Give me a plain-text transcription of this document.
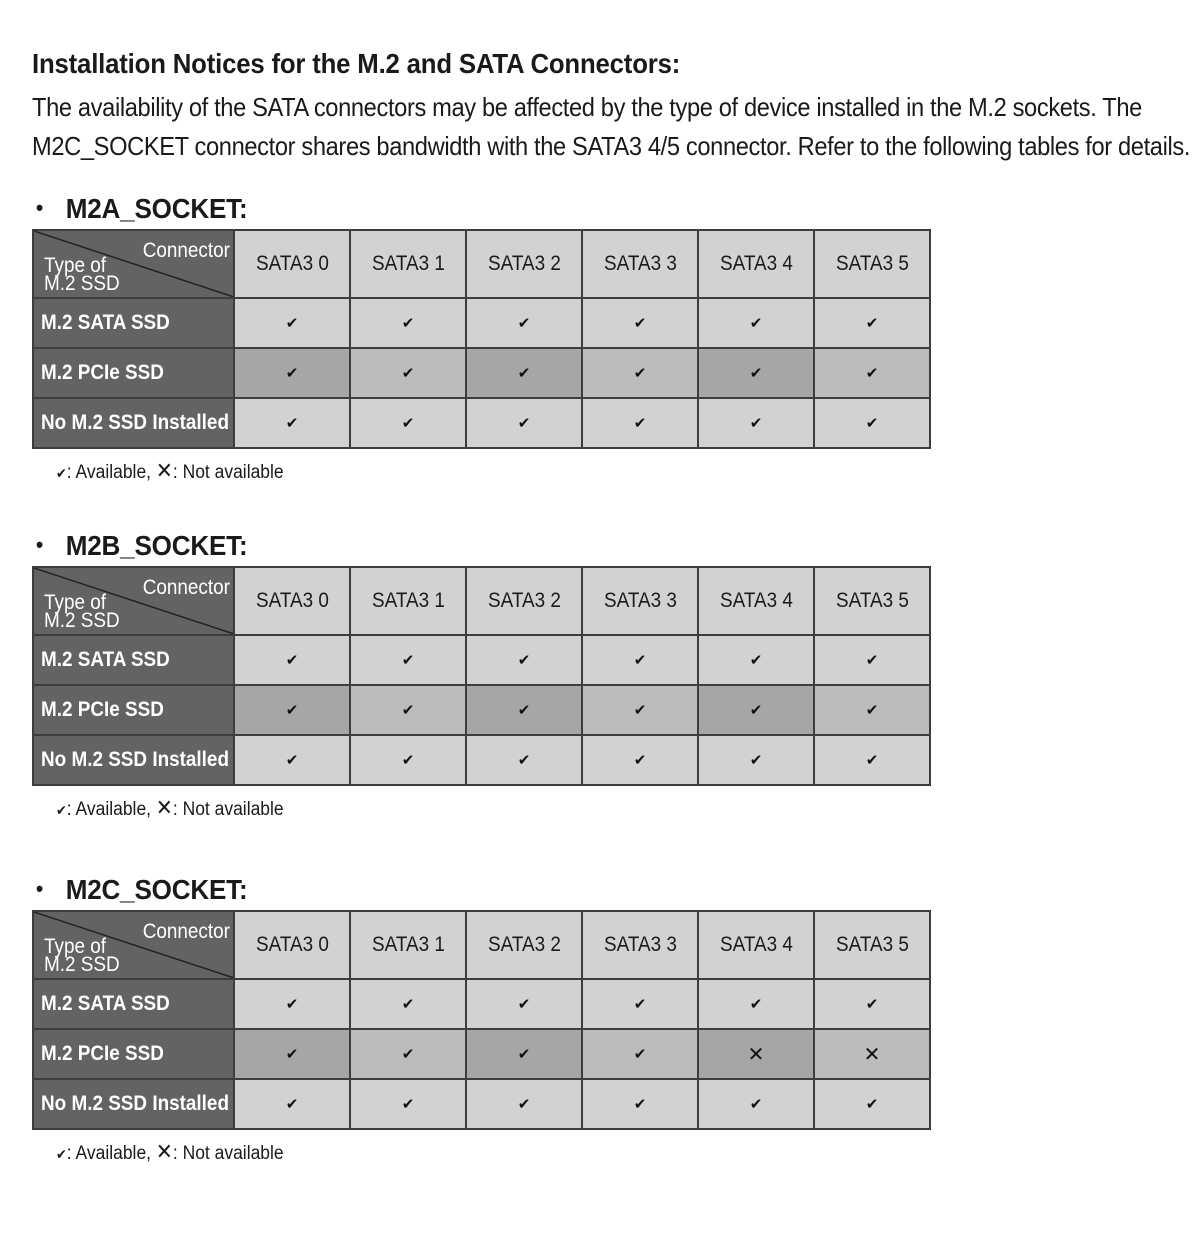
Installation Notices for the M.2 and SATA Connectors:

The availability of the SATA connectors may be affected by the type of device installed in the M.2 sockets. The
M2C_SOCKET connector shares bandwidth with the SATA3 4/5 connector. Refer to the following tables for details.

• M2A_SOCKET:
Connector
Type of
M.2 SSD	SATA3 0	SATA3 1	SATA3 2	SATA3 3	SATA3 4	SATA3 5
M.2 SATA SSD	✔	✔	✔	✔	✔	✔
M.2 PCIe SSD	✔	✔	✔	✔	✔	✔
No M.2 SSD Installed	✔	✔	✔	✔	✔	✔
✔: Available, ✕: Not available
• M2B_SOCKET:
Connector
Type of
M.2 SSD	SATA3 0	SATA3 1	SATA3 2	SATA3 3	SATA3 4	SATA3 5
M.2 SATA SSD	✔	✔	✔	✔	✔	✔
M.2 PCIe SSD	✔	✔	✔	✔	✔	✔
No M.2 SSD Installed	✔	✔	✔	✔	✔	✔
✔: Available, ✕: Not available
• M2C_SOCKET:
Connector
Type of
M.2 SSD	SATA3 0	SATA3 1	SATA3 2	SATA3 3	SATA3 4	SATA3 5
M.2 SATA SSD	✔	✔	✔	✔	✔	✔
M.2 PCIe SSD	✔	✔	✔	✔	✕	✕
No M.2 SSD Installed	✔	✔	✔	✔	✔	✔
✔: Available, ✕: Not available
